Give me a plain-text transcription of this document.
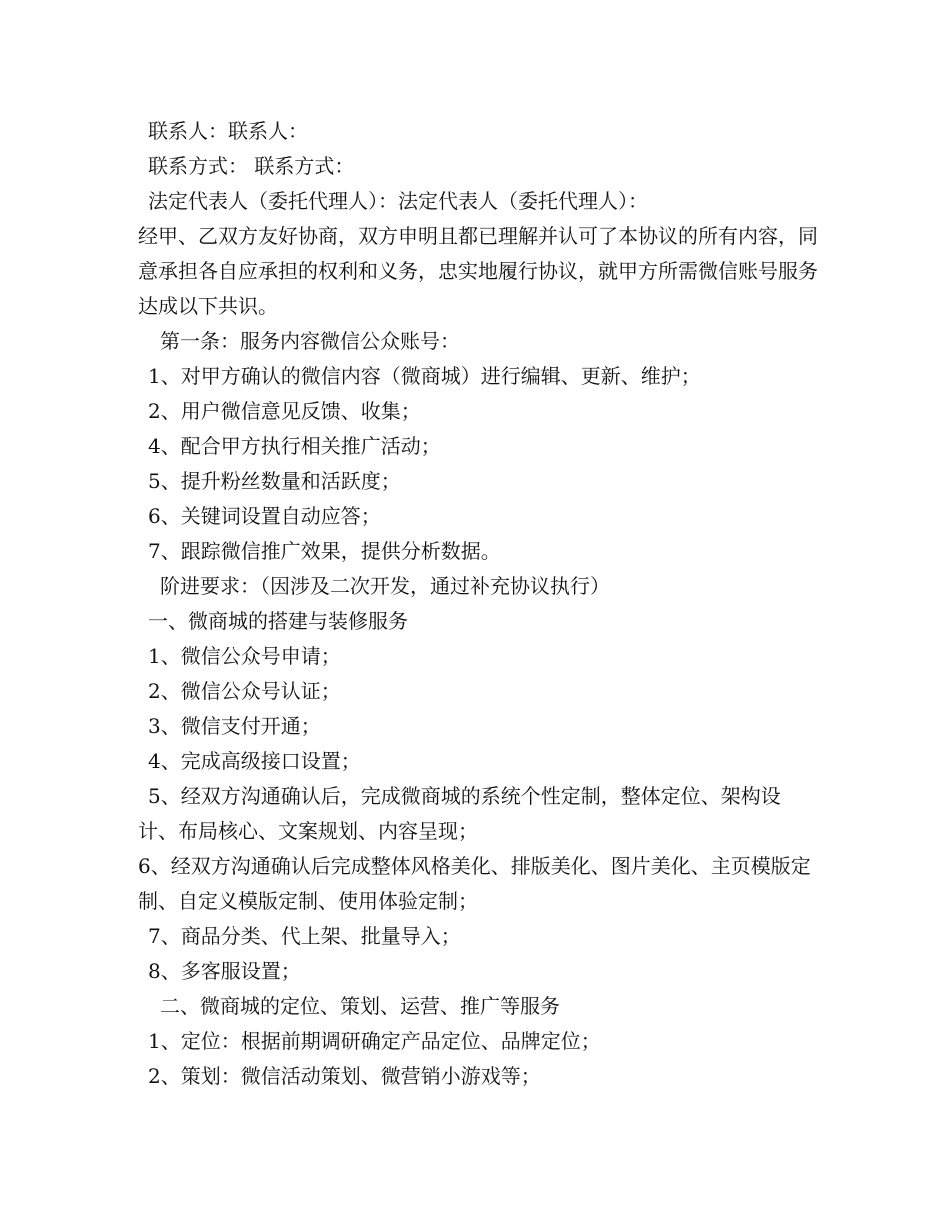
联系人：联系人：

联系方式： 联系方式：

法定代表人（委托代理人）：法定代表人（委托代理人）：

经甲、乙双方友好协商，双方申明且都已理解并认可了本协议的所有内容，同意承担各自应承担的权利和义务，忠实地履行协议，就甲方所需微信账号服务达成以下共识。

第一条：服务内容微信公众账号：

1、对甲方确认的微信内容（微商城）进行编辑、更新、维护；

2、用户微信意见反馈、收集；

4、配合甲方执行相关推广活动；

5、提升粉丝数量和活跃度；

6、关键词设置自动应答；

7、跟踪微信推广效果，提供分析数据。

阶进要求：（因涉及二次开发，通过补充协议执行）

一、微商城的搭建与装修服务

1、微信公众号申请；

2、微信公众号认证；

3、微信支付开通；

4、完成高级接口设置；

5、经双方沟通确认后，完成微商城的系统个性定制，整体定位、架构设计、布局核心、文案规划、内容呈现；

6、经双方沟通确认后完成整体风格美化、排版美化、图片美化、主页模版定制、自定义模版定制、使用体验定制；

7、商品分类、代上架、批量导入；

8、多客服设置；

二、微商城的定位、策划、运营、推广等服务

1、定位：根据前期调研确定产品定位、品牌定位；

2、策划：微信活动策划、微营销小游戏等；
